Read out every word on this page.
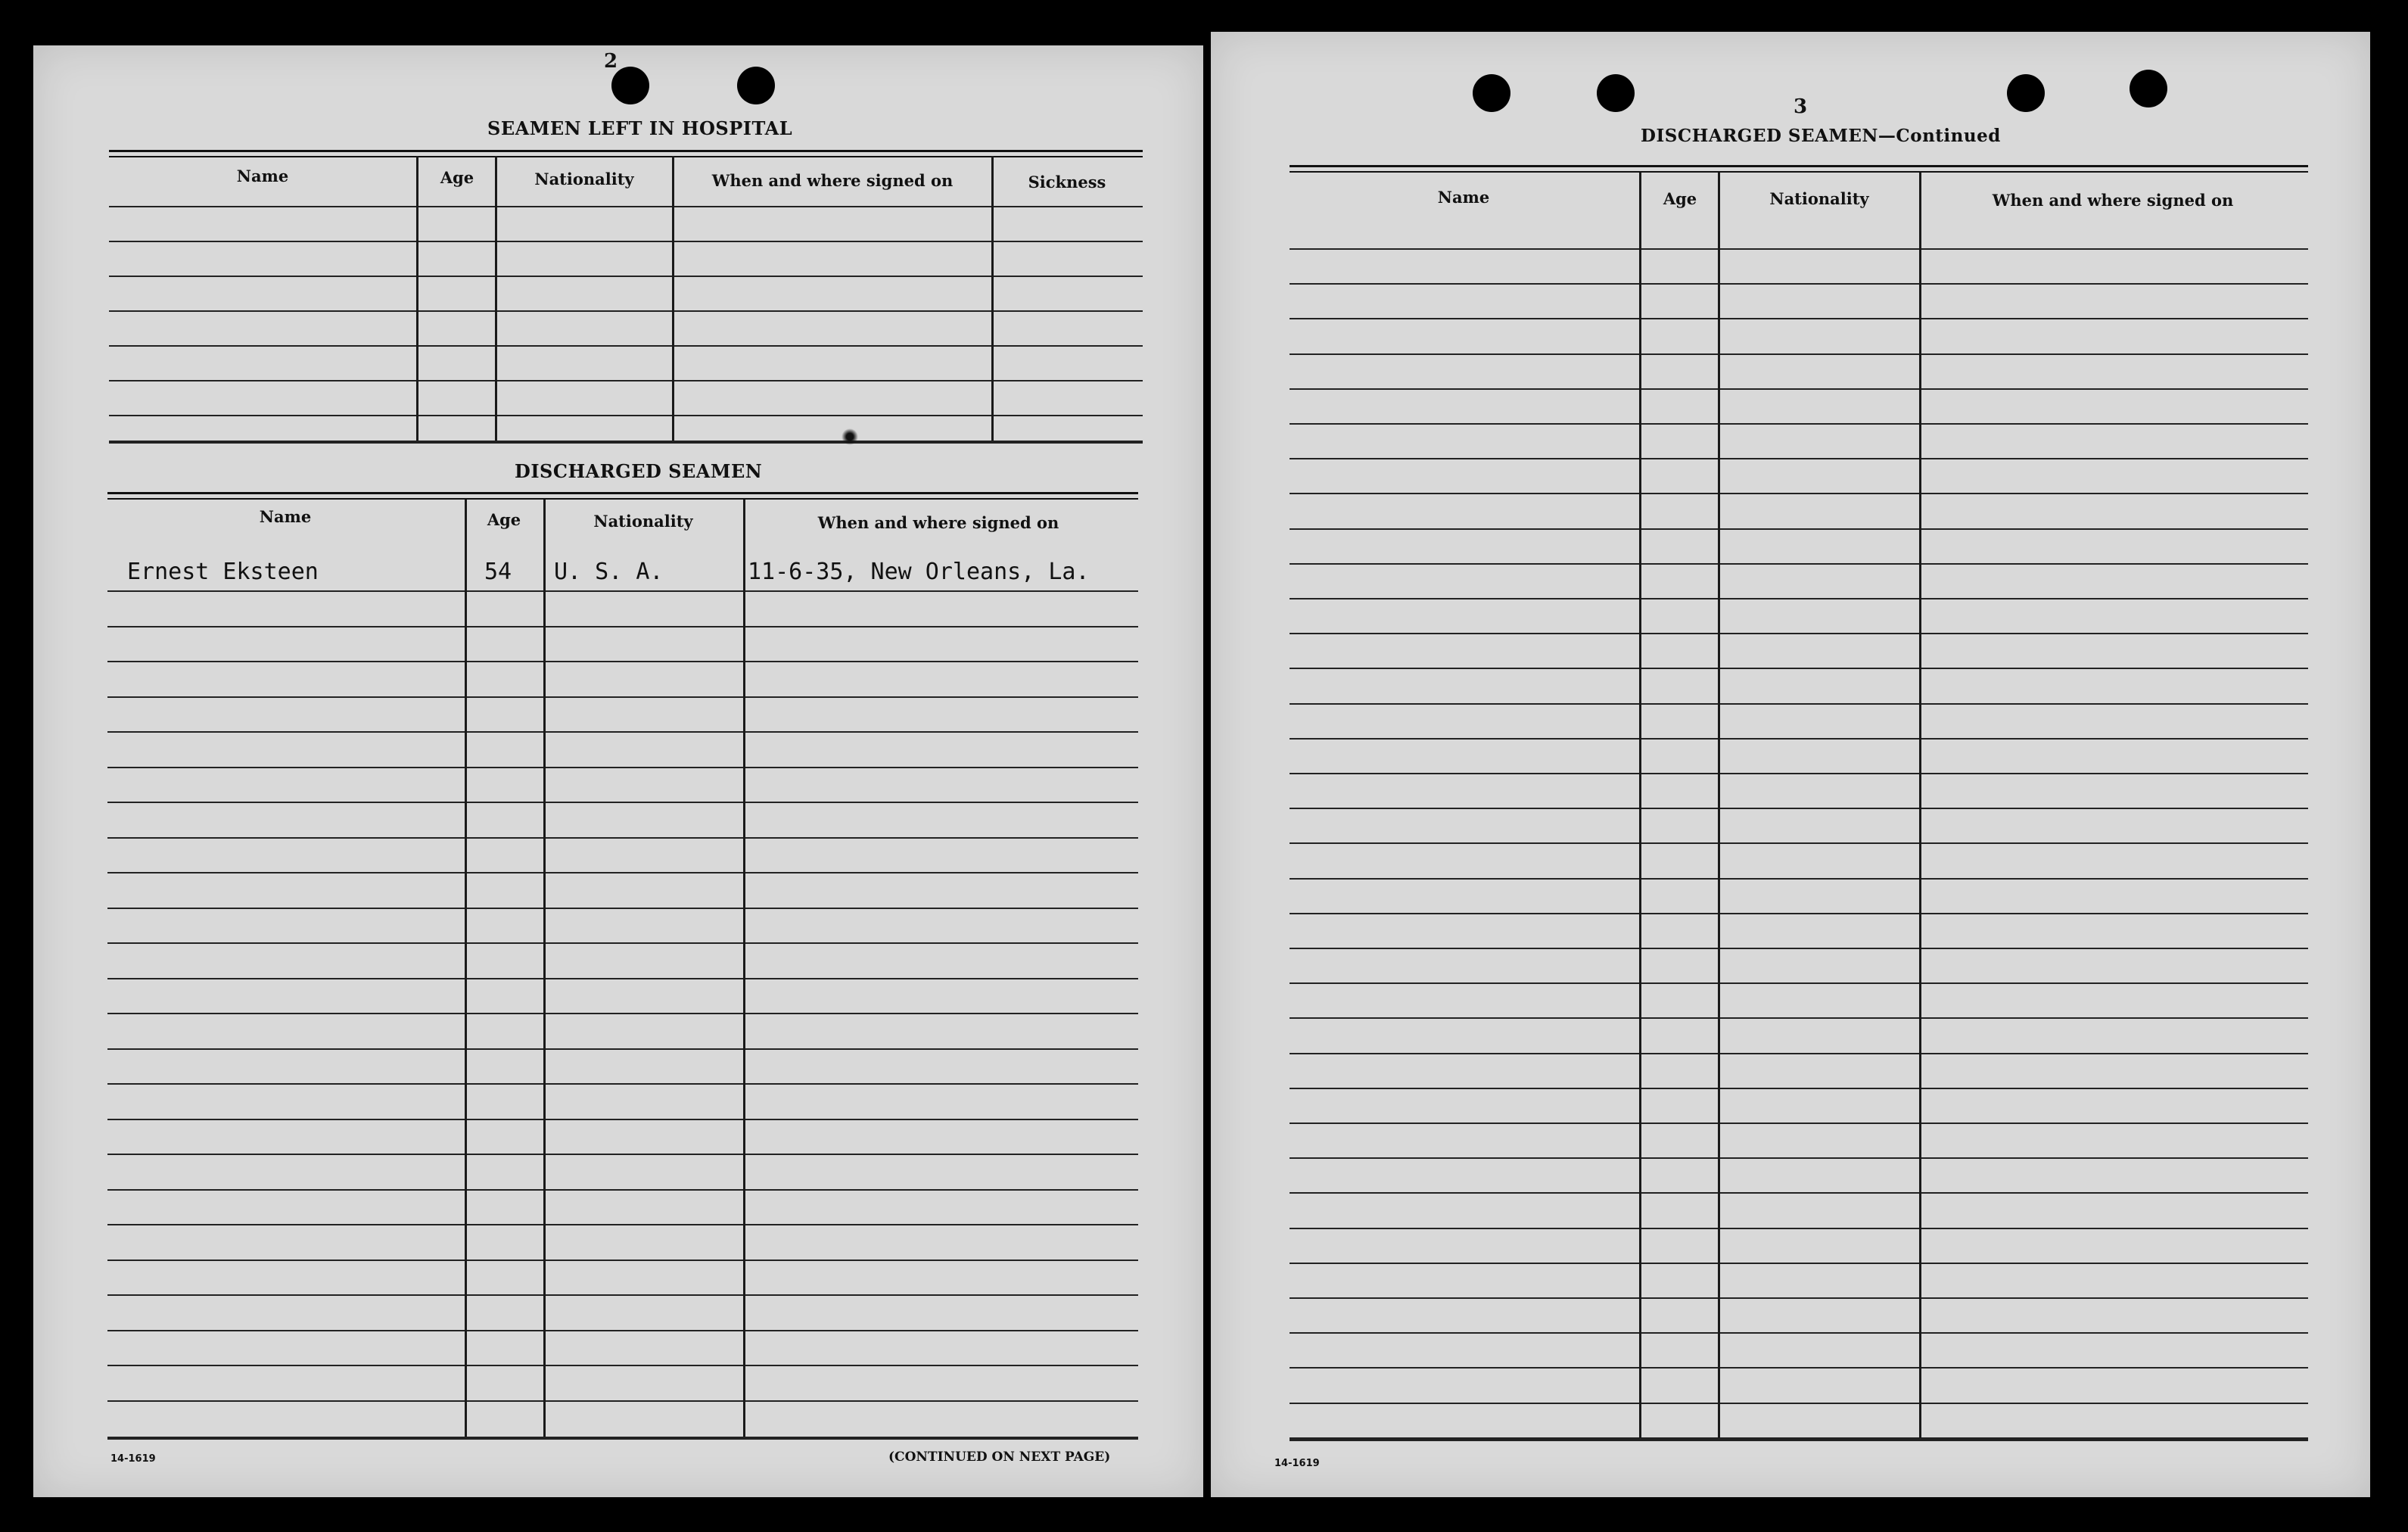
2
SEAMEN LEFT IN HOSPITAL
Name	Age	Nationality	When and where signed on	Sickness
DISCHARGED SEAMEN
Name	Age	Nationality	When and where signed on
Ernest Eksteen	54 U. S. A.	11-6-35, New Orleans, La.
14-1619	(CONTINUED ON NEXT PAGE)
3
DISCHARGED SEAMEN—Continued
Name	Age	Nationality	When and where signed on
14-1619
